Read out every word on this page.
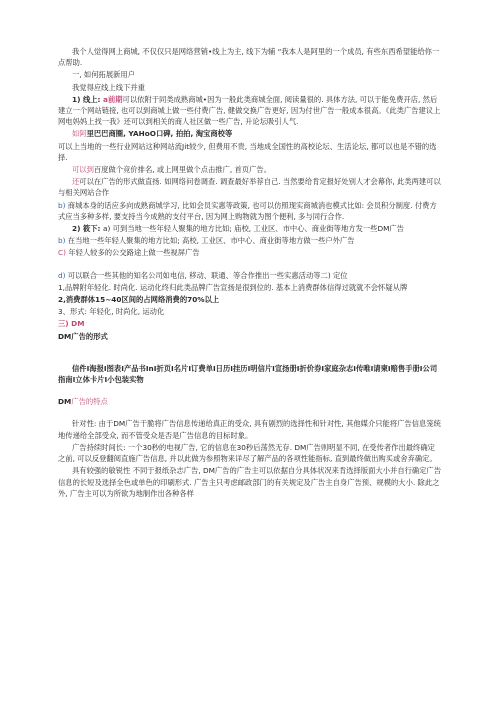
我个人觉得网上商城, 不仅仅只是网络营销•线上为主, 线下为辅 “我本人是阿里的一个成员, 有些东西希望能给你一点帮助.

一, 如何拓展新用户

我觉得应线上线下并重

1) 线上: a前期可以依附于同类成熟商城•因为一般此类商城全面, 阅读量很的. 具体方法, 可以于能免费开店, 然后建立一个网站链接, 也可以到商城上做一些付费广告, 健做交换广告更好, 因为付世广告一般成本很高。《此类广告建议上网电妈妈上找一我》还可以到相关的商人社区做一些广告, 升论坛吸引人气.

如阿里巴巴商圈, YAHoO口碑, 拍拍, 淘宝商校等

可以上当地的一些行业网站这种网站流Jit较少, 但费用不贵, 当地成全国性的高校论坛、生活论坛, 都可以也是不错的选择.

可以到百度做个竞价排名, 或上网里做个点击推广, 首页广告。

还可以在广告的形式做直扬. 如网络问卷调查. 调查最好举荐自己. 当然要给肯定报好处别人才会幕你, 此类两建可以与相关网站合作

b) 商城本身的话应多向成熟商城学习, 比如会员实惠等政策, 也可以仿照现实商城消也模式比如: 会员积分制度. 付费方式应当多种多样, 要支持当今成熟的支付平台, 因为网上购物就为图个便利, 多与同行合作.

2) 筱下: a) 可到当地一些年轻人聚集的地方比如; 庙校, 工业区、市中心、商业街等地方发一些DM广告

b) 在当地一些年轻人聚集的地方比如; 高校, 工业区、市中心、商业街等地方做一些户外广告

C) 年轻人较多的公交路途上做一些视屏广告

d) 可以联合一些其他的知名公司如电信, 移动、联通、等合作推出一些实惠活动等二) 定位

1,品牌附年轻化. 时尚化. 运动化终归此类品牌广告宣扬是很到位的. 基本上消费群体信得过就就不会怀疑从牌

2,消费群体15~40区间的占网络消费的70%以上

3、形式: 年轻化, 时尚化, 运动化

三) DM

DM广告的形式

信件I海报I图表I产品书InI折页I名片I订费单I日历I挂历I明信片I宣扬册I折价券I家庭杂志I传唯I请柬I赔售手册I公司指南I立体卡片I小包装实物

DM广告的特点

针对性: 由于DM广告干脆将广告信息传递给真正的受众, 具有剧烈的选择性和针对性, 其他媒介只能将广告信息笼统地传递给全部受众, 而不管受众是否是广告信息的目标时象。

广告持续时间长: 一个30秒的电视广告, 它的信息在30秒后荡然无存. DM广告则明显不同, 在受传者作出最终确定之前, 可以反登翻阅直施广告信息, 并以此做为参照物来详尽了解产品的各项性能指标, 直到最终做出购买或舍弃确定。

具有较强的敏锐性 不同于报纸杂志广告, DM广告的广告主可以依据自分具体状况来肯选择版面大小并自行确定广告信息的长短及选择全色或单色的印刷形式. 广告主只考虑邮政部门的有关规定及广告主自身广告预、规模的大小. 除此之外, 广告主可以为所欲为地制作出各种各样
